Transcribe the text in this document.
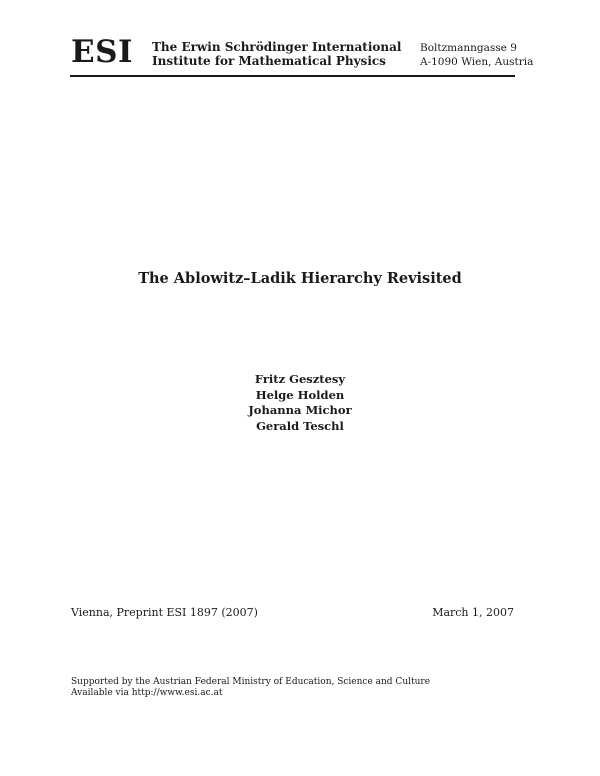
ESI The Erwin Schrödinger International
Institute for Mathematical Physics
Boltzmanngasse 9
A-1090 Wien, Austria
The Ablowitz–Ladik Hierarchy Revisited
Fritz Gesztesy
Helge Holden
Johanna Michor
Gerald Teschl
Vienna, Preprint ESI 1897 (2007)	March 1, 2007
Supported by the Austrian Federal Ministry of Education, Science and Culture
Available via http://www.esi.ac.at
